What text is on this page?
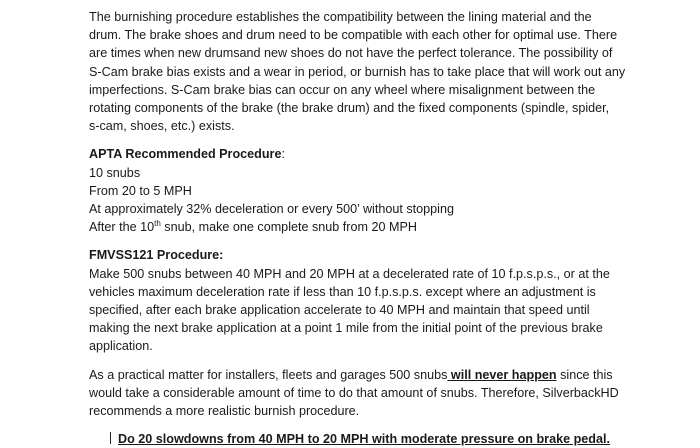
The burnishing procedure establishes the compatibility between the lining material and the
drum. The brake shoes and drum need to be compatible with each other for optimal use. There
are times when new drumsand new shoes do not have the perfect tolerance. The possibility of
S-Cam brake bias exists and a wear in period, or burnish has to take place that will work out any
imperfections. S-Cam brake bias can occur on any wheel where misalignment between the
rotating components of the brake (the brake drum) and the fixed components (spindle, spider,
s-cam, shoes, etc.) exists.
APTA Recommended Procedure:
10 snubs
From 20 to 5 MPH
At approximately 32% deceleration or every 500’ without stopping
After the 10th snub, make one complete snub from 20 MPH
FMVSS121 Procedure:
Make 500 snubs between 40 MPH and 20 MPH at a decelerated rate of 10 f.p.s.p.s., or at the
vehicles maximum deceleration rate if less than 10 f.p.s.p.s. except where an adjustment is
specified, after each brake application accelerate to 40 MPH and maintain that speed until
making the next brake application at a point 1 mile from the initial point of the previous brake
application.
As a practical matter for installers, fleets and garages 500 snubs will never happen since this
would take a considerable amount of time to do that amount of snubs. Therefore, SilverbackHD
recommends a more realistic burnish procedure.
Do 20 slowdowns from 40 MPH to 20 MPH with moderate pressure on brake pedal.
